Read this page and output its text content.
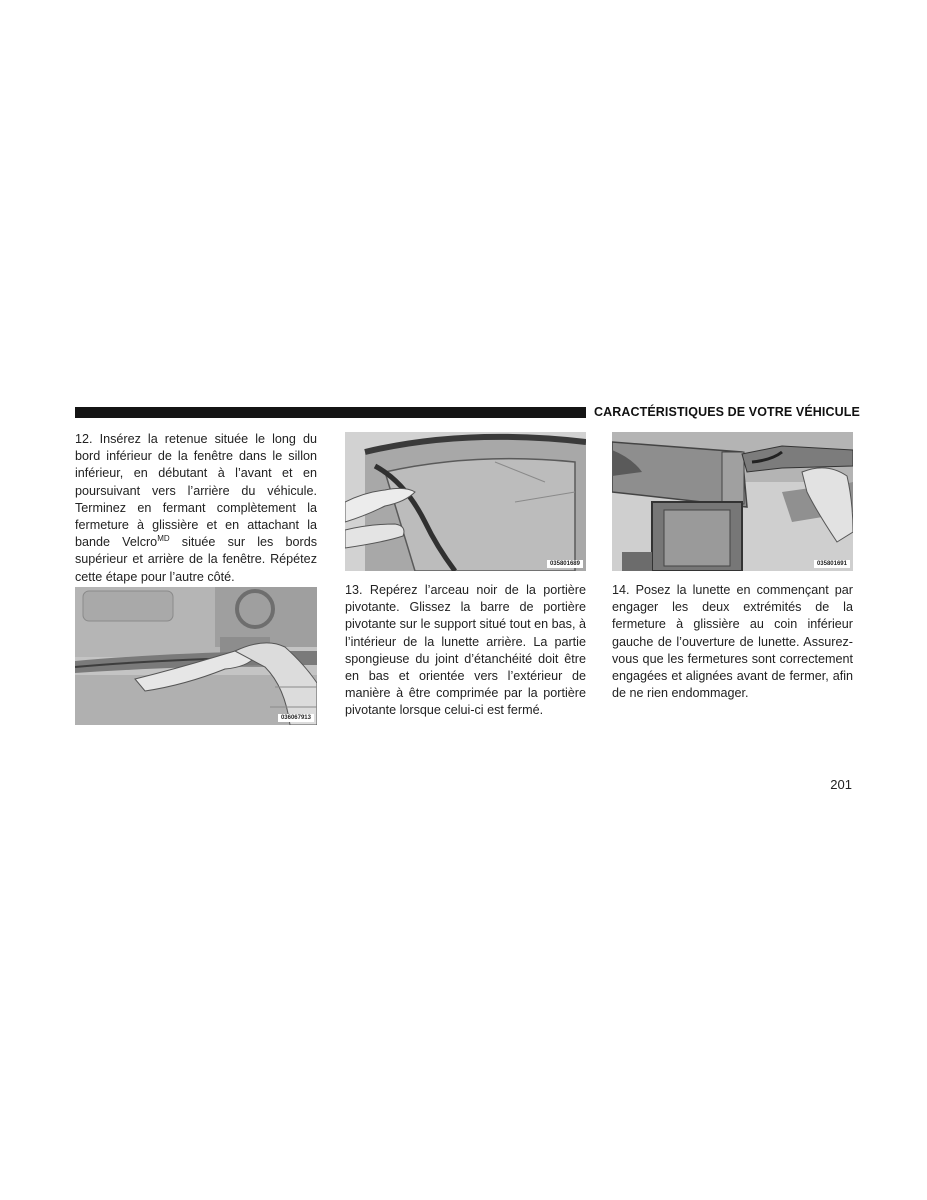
CARACTÉRISTIQUES DE VOTRE VÉHICULE

12. Insérez la retenue située le long du bord inférieur de la fenêtre dans le sillon inférieur, en débutant à l’avant et en poursuivant vers l’arrière du véhicule. Terminez en fermant complètement la fermeture à glissière et en attachant la bande Velcro$^{MD}$ située sur les bords supérieur et arrière de la fenêtre. Répétez cette étape pour l’autre côté.

036067913
035801689	035801691

13. Repérez l’arceau noir de la portière pivotante. Glissez la barre de portière pivotante sur le support situé tout en bas, à l’intérieur de la lunette arrière. La partie spongieuse du joint d’étanchéité doit être en bas et orientée vers l’extérieur de manière à être comprimée par la portière pivotante lorsque celui-ci est fermé.

14. Posez la lunette en commençant par engager les deux extrémités de la fermeture à glissière au coin inférieur gauche de l’ouverture de lunette. Assurez-vous que les fermetures sont correctement engagées et alignées avant de fermer, afin de ne rien endommager.

201
